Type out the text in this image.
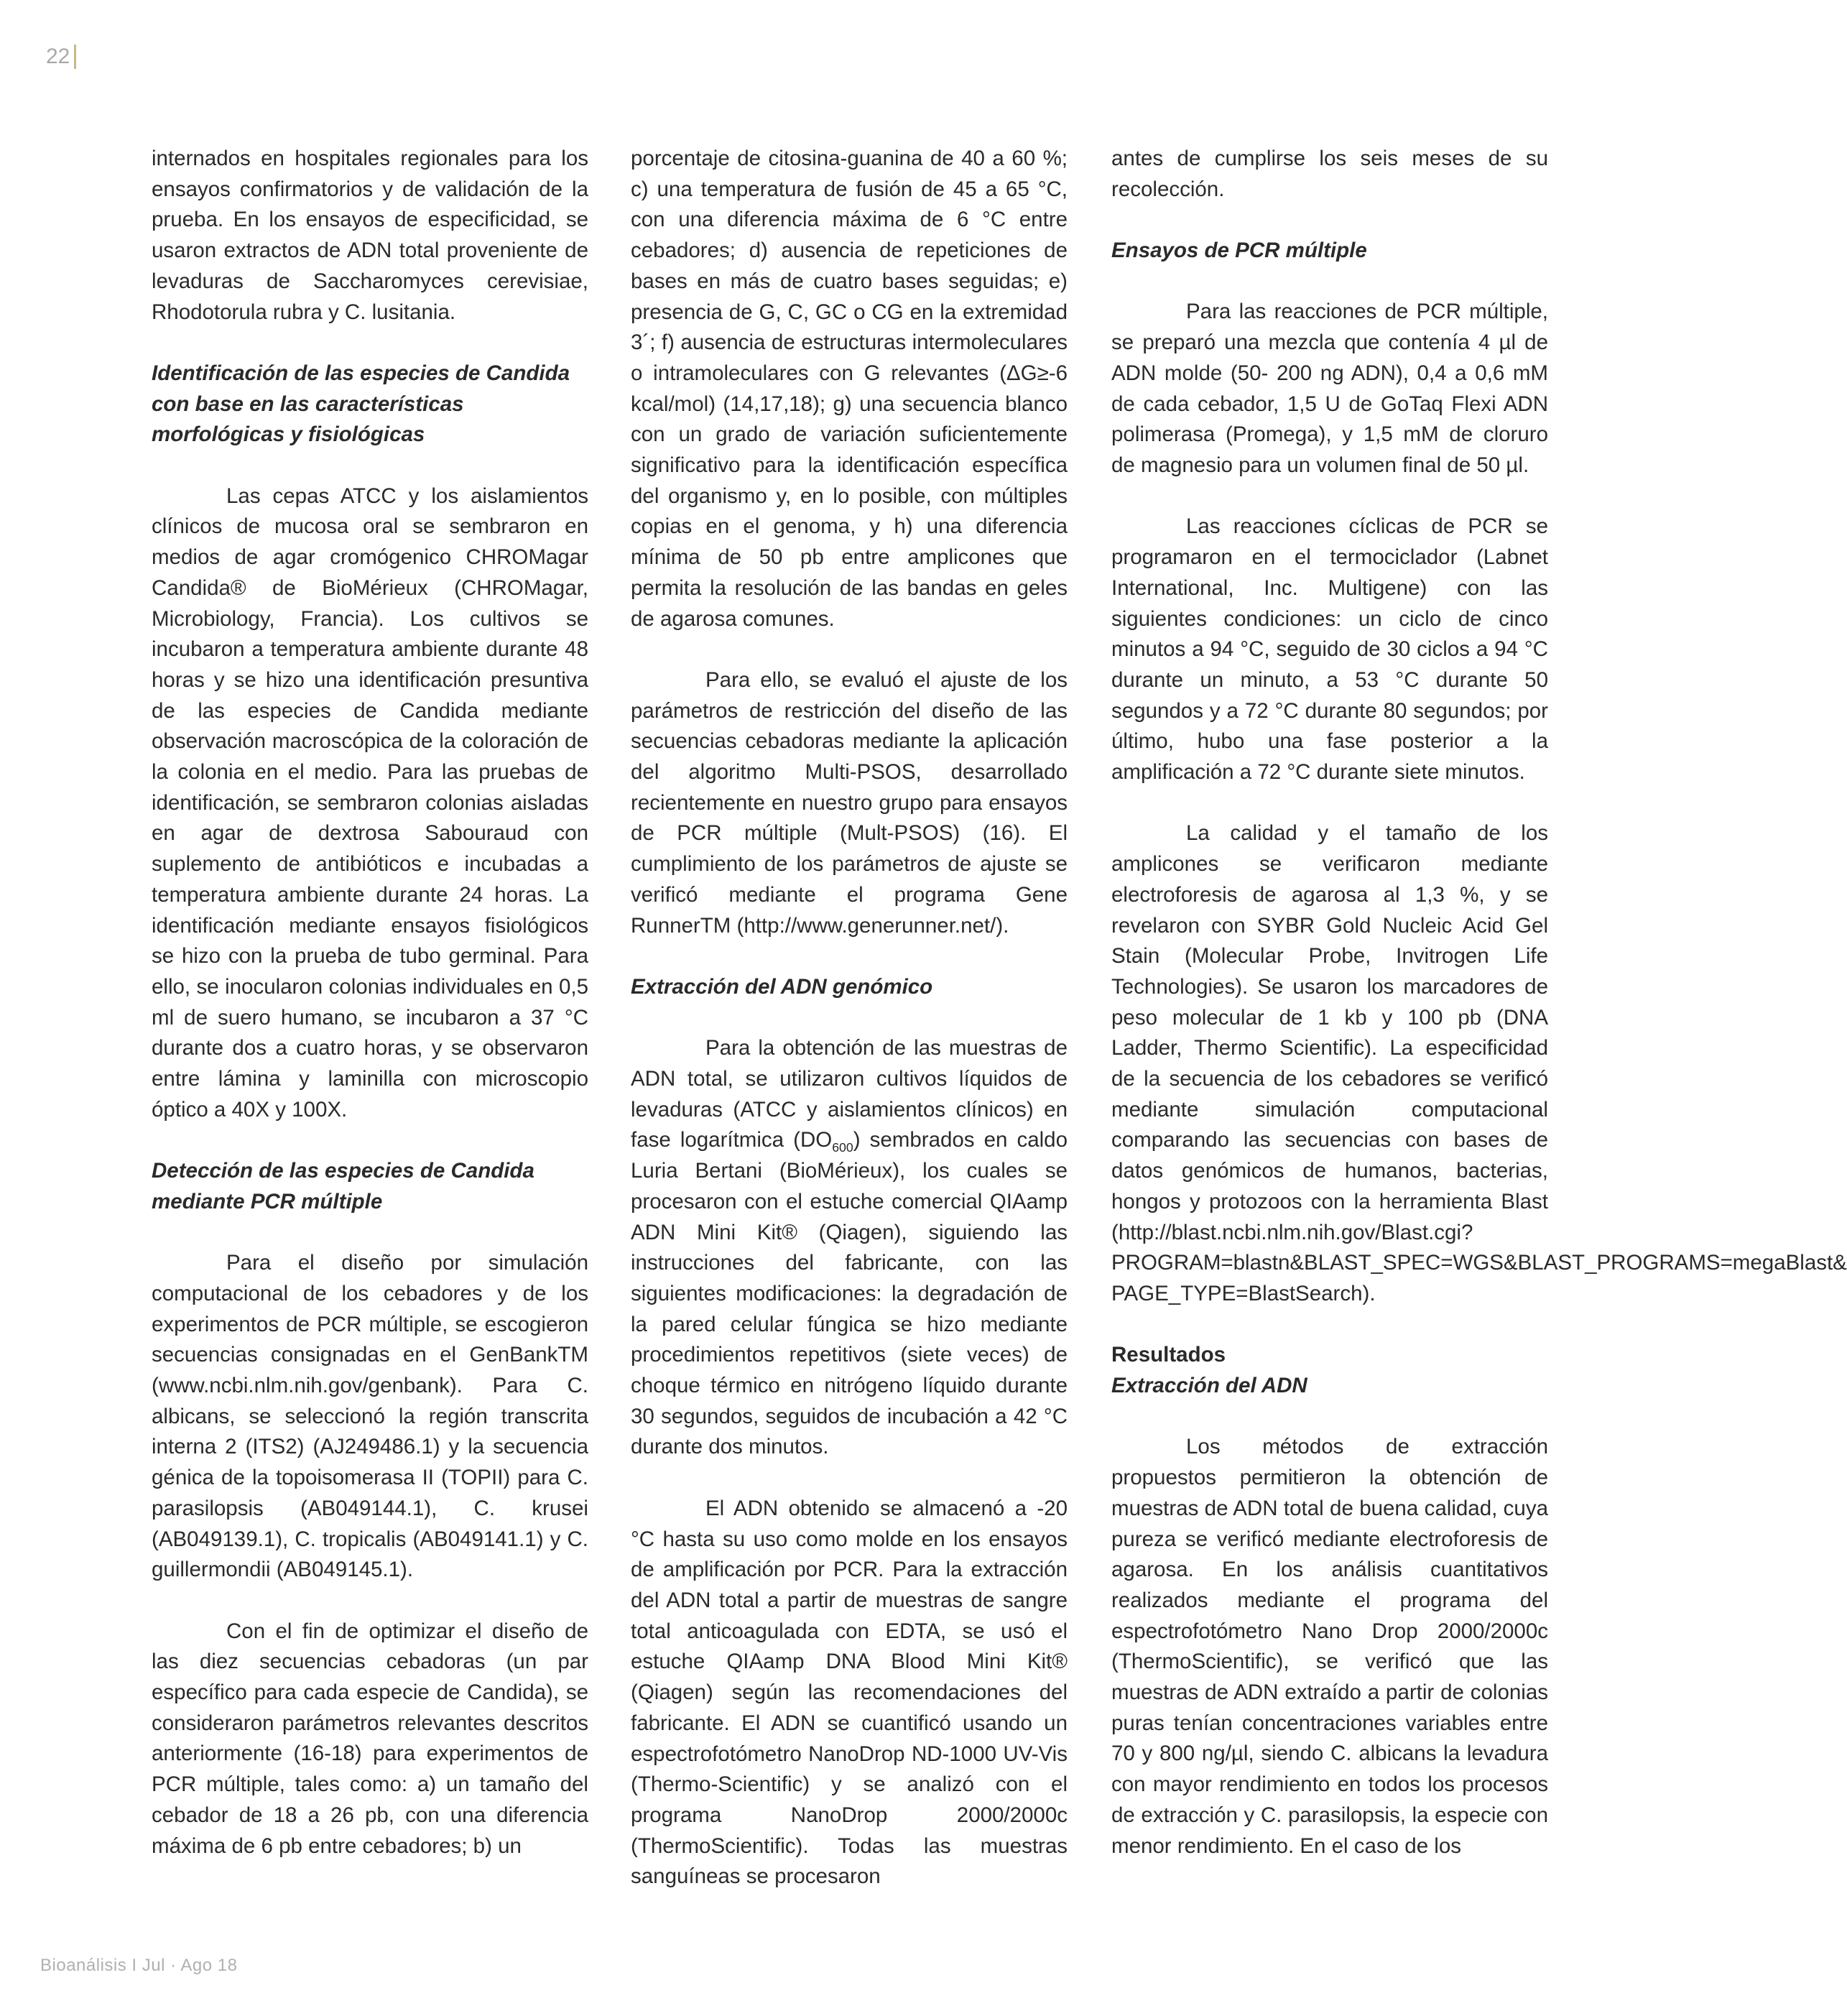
22

internados en hospitales regionales para los ensayos confirmatorios y de validación de la prueba. En los ensayos de especificidad, se usaron extractos de ADN total proveniente de levaduras de Saccharomyces cerevisiae, Rhodotorula rubra y C. lusitania.

Identificación de las especies de Candida con base en las características morfológicas y fisiológicas

Las cepas ATCC y los aislamientos clínicos de mucosa oral se sembraron en medios de agar cromógenico CHROMagar Candida® de BioMérieux (CHROMagar, Microbiology, Francia). Los cultivos se incubaron a temperatura ambiente durante 48 horas y se hizo una identificación presuntiva de las especies de Candida mediante observación macroscópica de la coloración de la colonia en el medio. Para las pruebas de identificación, se sembraron colonias aisladas en agar de dextrosa Sabouraud con suplemento de antibióticos e incubadas a temperatura ambiente durante 24 horas. La identificación mediante ensayos fisiológicos se hizo con la prueba de tubo germinal. Para ello, se inocularon colonias individuales en 0,5 ml de suero humano, se incubaron a 37 °C durante dos a cuatro horas, y se observaron entre lámina y laminilla con microscopio óptico a 40X y 100X.

Detección de las especies de Candida mediante PCR múltiple

Para el diseño por simulación computacional de los cebadores y de los experimentos de PCR múltiple, se escogieron secuencias consignadas en el GenBankTM (www.ncbi.nlm.nih.gov/genbank). Para C. albicans, se seleccionó la región transcrita interna 2 (ITS2) (AJ249486.1) y la secuencia génica de la topoisomerasa II (TOPII) para C. parasilopsis (AB049144.1), C. krusei (AB049139.1), C. tropicalis (AB049141.1) y C. guillermondii (AB049145.1).

Con el fin de optimizar el diseño de las diez secuencias cebadoras (un par específico para cada especie de Candida), se consideraron parámetros relevantes descritos anteriormente (16-18) para experimentos de PCR múltiple, tales como: a) un tamaño del cebador de 18 a 26 pb, con una diferencia máxima de 6 pb entre cebadores; b) un

porcentaje de citosina-guanina de 40 a 60 %; c) una temperatura de fusión de 45 a 65 °C, con una diferencia máxima de 6 °C entre cebadores; d) ausencia de repeticiones de bases en más de cuatro bases seguidas; e) presencia de G, C, GC o CG en la extremidad 3´; f) ausencia de estructuras intermoleculares o intramoleculares con G relevantes (ΔG≥-6 kcal/mol) (14,17,18); g) una secuencia blanco con un grado de variación suficientemente significativo para la identificación específica del organismo y, en lo posible, con múltiples copias en el genoma, y h) una diferencia mínima de 50 pb entre amplicones que permita la resolución de las bandas en geles de agarosa comunes.

Para ello, se evaluó el ajuste de los parámetros de restricción del diseño de las secuencias cebadoras mediante la aplicación del algoritmo Multi-PSOS, desarrollado recientemente en nuestro grupo para ensayos de PCR múltiple (Mult-PSOS) (16). El cumplimiento de los parámetros de ajuste se verificó mediante el programa Gene RunnerTM (http://www.generunner.net/).

Extracción del ADN genómico

Para la obtención de las muestras de ADN total, se utilizaron cultivos líquidos de levaduras (ATCC y aislamientos clínicos) en fase logarítmica $(DO_{600})$ sembrados en caldo Luria Bertani (BioMérieux), los cuales se procesaron con el estuche comercial QIAamp ADN Mini Kit® (Qiagen), siguiendo las instrucciones del fabricante, con las siguientes modificaciones: la degradación de la pared celular fúngica se hizo mediante procedimientos repetitivos (siete veces) de choque térmico en nitrógeno líquido durante 30 segundos, seguidos de incubación a 42 °C durante dos minutos.

El ADN obtenido se almacenó a -20 °C hasta su uso como molde en los ensayos de amplificación por PCR. Para la extracción del ADN total a partir de muestras de sangre total anticoagulada con EDTA, se usó el estuche QIAamp DNA Blood Mini Kit® (Qiagen) según las recomendaciones del fabricante. El ADN se cuantificó usando un espectrofotómetro NanoDrop ND-1000 UV-Vis (Thermo-Scientific) y se analizó con el programa NanoDrop 2000/2000c (ThermoScientific). Todas las muestras sanguíneas se procesaron

antes de cumplirse los seis meses de su recolección.

Ensayos de PCR múltiple

Para las reacciones de PCR múltiple, se preparó una mezcla que contenía 4 µl de ADN molde (50- 200 ng ADN), 0,4 a 0,6 mM de cada cebador, 1,5 U de GoTaq Flexi ADN polimerasa (Promega), y 1,5 mM de cloruro de magnesio para un volumen final de 50 µl.

Las reacciones cíclicas de PCR se programaron en el termociclador (Labnet International, Inc. Multigene) con las siguientes condiciones: un ciclo de cinco minutos a 94 °C, seguido de 30 ciclos a 94 °C durante un minuto, a 53 °C durante 50 segundos y a 72 °C durante 80 segundos; por último, hubo una fase posterior a la amplificación a 72 °C durante siete minutos.

La calidad y el tamaño de los amplicones se verificaron mediante electroforesis de agarosa al 1,3 %, y se revelaron con SYBR Gold Nucleic Acid Gel Stain (Molecular Probe, Invitrogen Life Technologies). Se usaron los marcadores de peso molecular de 1 kb y 100 pb (DNA Ladder, Thermo Scientific). La especificidad de la secuencia de los cebadores se verificó mediante simulación computacional comparando las secuencias con bases de datos genómicos de humanos, bacterias, hongos y protozoos con la herramienta Blast (http://blast.ncbi.nlm.nih.gov/Blast.cgi?PROGRAM=blastn&BLAST_SPEC=WGS&BLAST_PROGRAMS=megaBlast& PAGE_TYPE=BlastSearch).

Resultados
Extracción del ADN

Los métodos de extracción propuestos permitieron la obtención de muestras de ADN total de buena calidad, cuya pureza se verificó mediante electroforesis de agarosa. En los análisis cuantitativos realizados mediante el programa del espectrofotómetro Nano Drop 2000/2000c (ThermoScientific), se verificó que las muestras de ADN extraído a partir de colonias puras tenían concentraciones variables entre 70 y 800 ng/µl, siendo C. albicans la levadura con mayor rendimiento en todos los procesos de extracción y C. parasilopsis, la especie con menor rendimiento. En el caso de los

Bioanálisis I Jul · Ago 18
